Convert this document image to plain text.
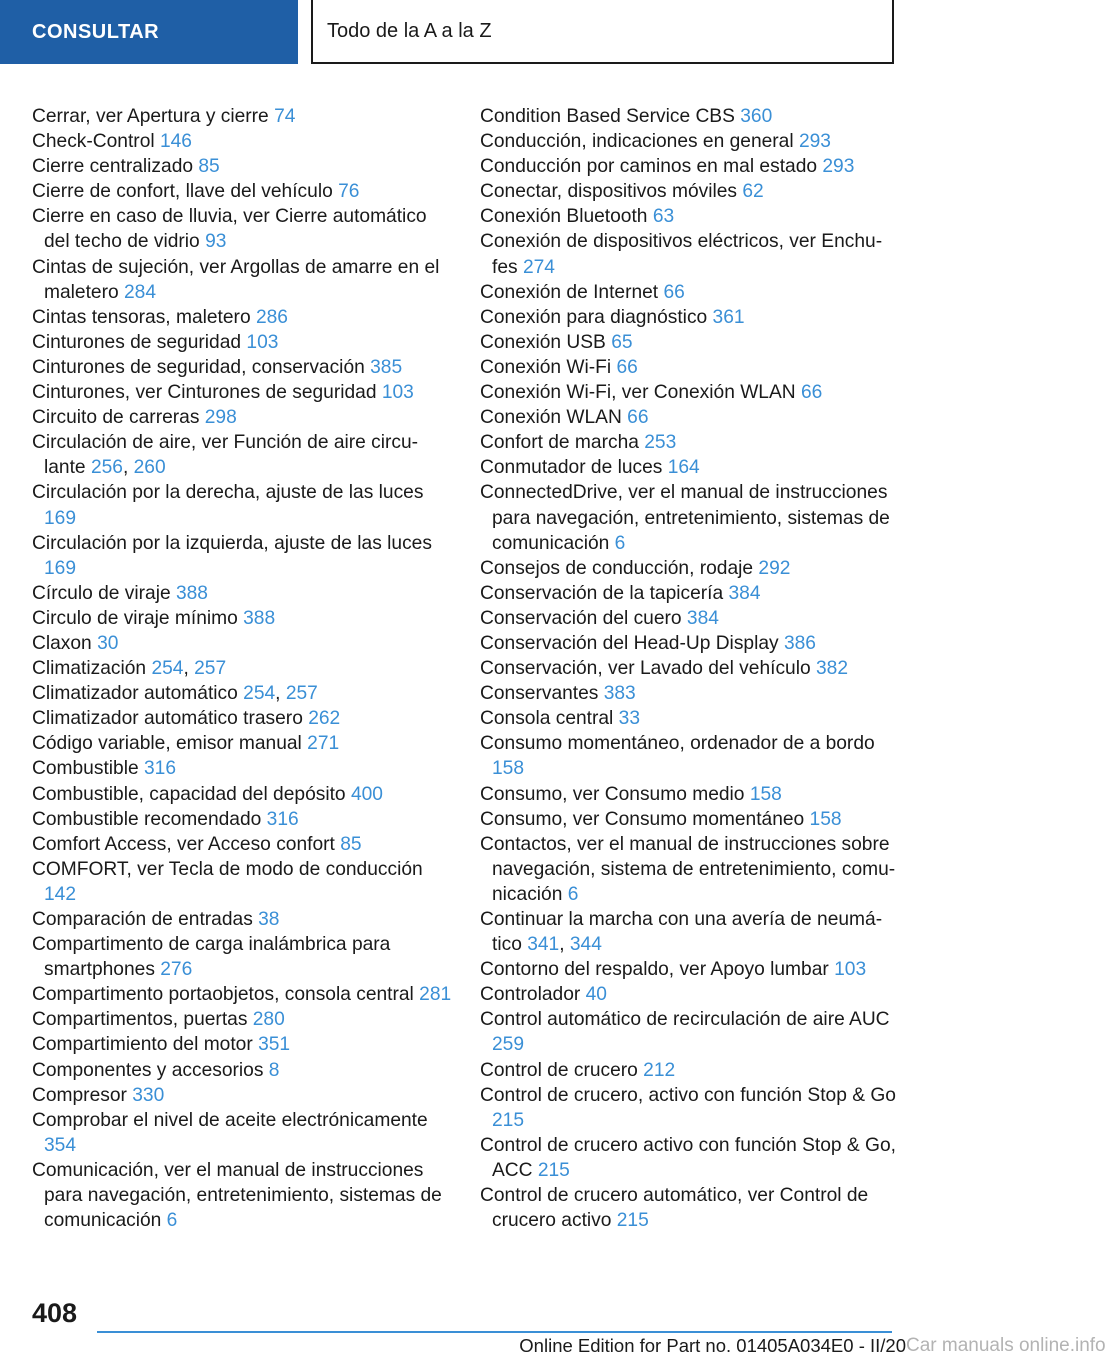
CONSULTAR	Todo de la A a la Z
Cerrar, ver Apertura y cierre 74
Check-Control 146
Cierre centralizado 85
Cierre de confort, llave del vehículo 76
Cierre en caso de lluvia, ver Cierre automático del techo de vidrio 93
Cintas de sujeción, ver Argollas de amarre en el maletero 284
Cintas tensoras, maletero 286
Cinturones de seguridad 103
Cinturones de seguridad, conservación 385
Cinturones, ver Cinturones de seguridad 103
Circuito de carreras 298
Circulación de aire, ver Función de aire circulante 256, 260
Circulación por la derecha, ajuste de las luces 169
Circulación por la izquierda, ajuste de las luces 169
Círculo de viraje 388
Circulo de viraje mínimo 388
Claxon 30
Climatización 254, 257
Climatizador automático 254, 257
Climatizador automático trasero 262
Código variable, emisor manual 271
Combustible 316
Combustible, capacidad del depósito 400
Combustible recomendado 316
Comfort Access, ver Acceso confort 85
COMFORT, ver Tecla de modo de conducción 142
Comparación de entradas 38
Compartimento de carga inalámbrica para smartphones 276
Compartimento portaobjetos, consola central 281
Compartimentos, puertas 280
Compartimiento del motor 351
Componentes y accesorios 8
Compresor 330
Comprobar el nivel de aceite electrónicamente 354
Comunicación, ver el manual de instrucciones para navegación, entretenimiento, sistemas de comunicación 6
Condition Based Service CBS 360
Conducción, indicaciones en general 293
Conducción por caminos en mal estado 293
Conectar, dispositivos móviles 62
Conexión Bluetooth 63
Conexión de dispositivos eléctricos, ver Enchufes 274
Conexión de Internet 66
Conexión para diagnóstico 361
Conexión USB 65
Conexión Wi-Fi 66
Conexión Wi-Fi, ver Conexión WLAN 66
Conexión WLAN 66
Confort de marcha 253
Conmutador de luces 164
ConnectedDrive, ver el manual de instrucciones para navegación, entretenimiento, sistemas de comunicación 6
Consejos de conducción, rodaje 292
Conservación de la tapicería 384
Conservación del cuero 384
Conservación del Head-Up Display 386
Conservación, ver Lavado del vehículo 382
Conservantes 383
Consola central 33
Consumo momentáneo, ordenador de a bordo 158
Consumo, ver Consumo medio 158
Consumo, ver Consumo momentáneo 158
Contactos, ver el manual de instrucciones sobre navegación, sistema de entretenimiento, comunicación 6
Continuar la marcha con una avería de neumático 341, 344
Contorno del respaldo, ver Apoyo lumbar 103
Controlador 40
Control automático de recirculación de aire AUC 259
Control de crucero 212
Control de crucero, activo con función Stop & Go 215
Control de crucero activo con función Stop & Go, ACC 215
Control de crucero automático, ver Control de crucero activo 215
408
Online Edition for Part no. 01405A034E0 - II/20 Car manuals online.info
